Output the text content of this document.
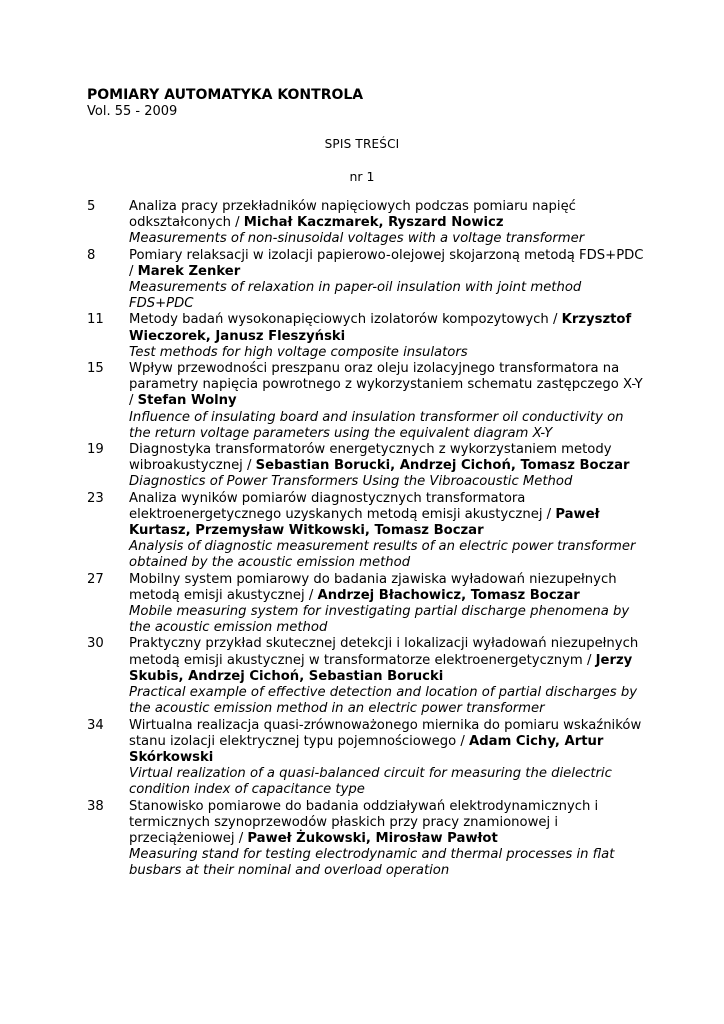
POMIARY AUTOMATYKA KONTROLA
Vol. 55 - 2009
SPIS TREŚCI
nr 1
5	Analiza pracy przekładników napięciowych podczas pomiaru napięć odkształconych / Michał Kaczmarek, Ryszard Nowicz
Measurements of non-sinusoidal voltages with a voltage transformer
8	Pomiary relaksacji w izolacji papierowo-olejowej skojarzoną metodą FDS+PDC / Marek Zenker
Measurements of relaxation in paper-oil insulation with joint method FDS+PDC
11	Metody badań wysokonapięciowych izolatorów kompozytowych / Krzysztof Wieczorek, Janusz Fleszyński
Test methods for high voltage composite insulators
15	Wpływ przewodności preszpanu oraz oleju izolacyjnego transformatora na parametry napięcia powrotnego z wykorzystaniem schematu zastępczego X-Y / Stefan Wolny
Influence of insulating board and insulation transformer oil conductivity on the return voltage parameters using the equivalent diagram X-Y
19	Diagnostyka transformatorów energetycznych z wykorzystaniem metody wibroakustycznej / Sebastian Borucki, Andrzej Cichoń, Tomasz Boczar
Diagnostics of Power Transformers Using the Vibroacoustic Method
23	Analiza wyników pomiarów diagnostycznych transformatora elektroenergetycznego uzyskanych metodą emisji akustycznej / Paweł Kurtasz, Przemysław Witkowski, Tomasz Boczar
Analysis of diagnostic measurement results of an electric power transformer obtained by the acoustic emission method
27	Mobilny system pomiarowy do badania zjawiska wyładowań niezupełnych metodą emisji akustycznej / Andrzej Błachowicz, Tomasz Boczar
Mobile measuring system for investigating partial discharge phenomena by the acoustic emission method
30	Praktyczny przykład skutecznej detekcji i lokalizacji wyładowań niezupełnych metodą emisji akustycznej w transformatorze elektroenergetycznym / Jerzy Skubis, Andrzej Cichoń, Sebastian Borucki
Practical example of effective detection and location of partial discharges by the acoustic emission method in an electric power transformer
34	Wirtualna realizacja quasi-zrównoważonego miernika do pomiaru wskaźników stanu izolacji elektrycznej typu pojemnościowego / Adam Cichy, Artur Skórkowski
Virtual realization of a quasi-balanced circuit for measuring the dielectric condition index of capacitance type
38	Stanowisko pomiarowe do badania oddziaływań elektrodynamicznych i termicznych szynoprzewodów płaskich przy pracy znamionowej i przeciążeniowej / Paweł Żukowski, Mirosław Pawłot
Measuring stand for testing electrodynamic and thermal processes in flat busbars at their nominal and overload operation
